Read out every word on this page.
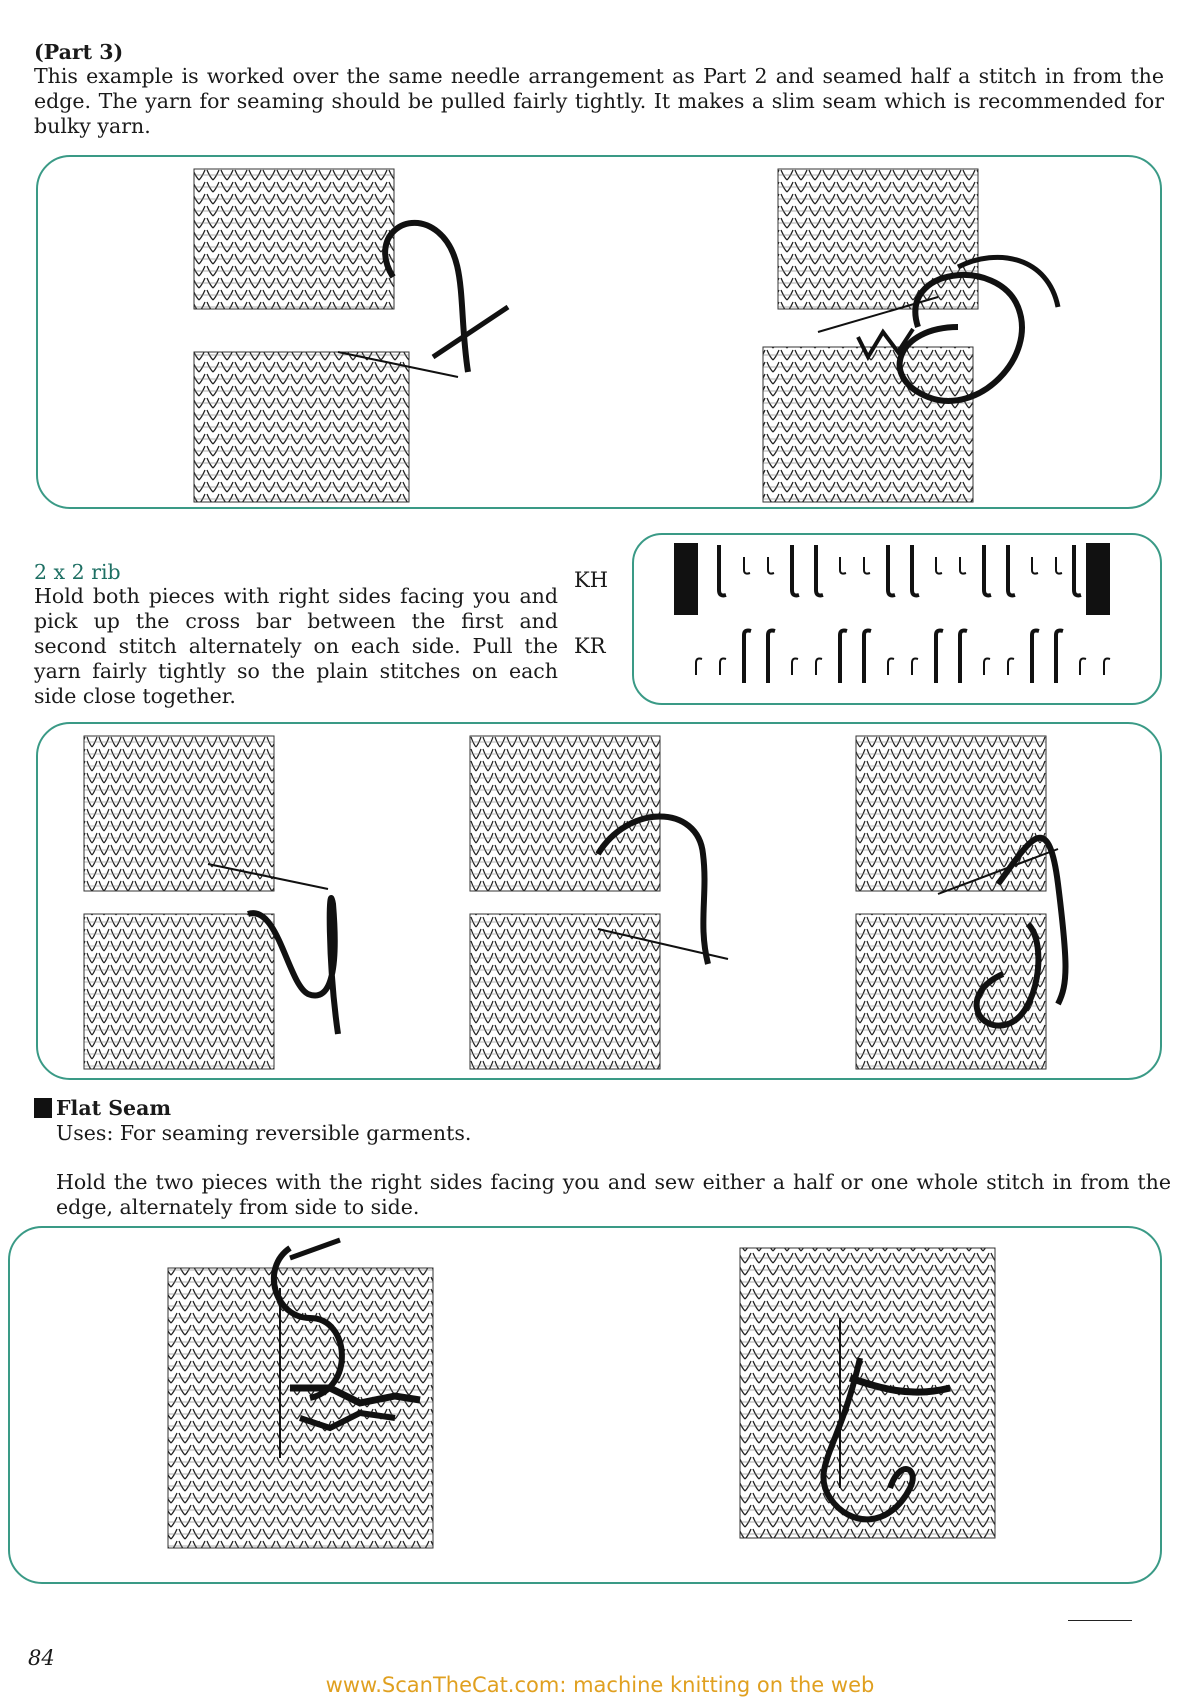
(Part 3)
This example is worked over the same needle arrangement as Part 2 and seamed half a stitch in from the edge. The yarn for seaming should be pulled fairly tightly. It makes a slim seam which is recommended for bulky yarn.
2 x 2 rib
Hold both pieces with right sides facing you and pick up the cross bar between the first and second stitch alternately on each side. Pull the yarn fairly tightly so the plain stitches on each side close together.
KH
KR
Flat Seam
Uses: For seaming reversible garments.
Hold the two pieces with the right sides facing you and sew either a half or one whole stitch in from the edge, alternately from side to side.
84
www.ScanTheCat.com: machine knitting on the web
